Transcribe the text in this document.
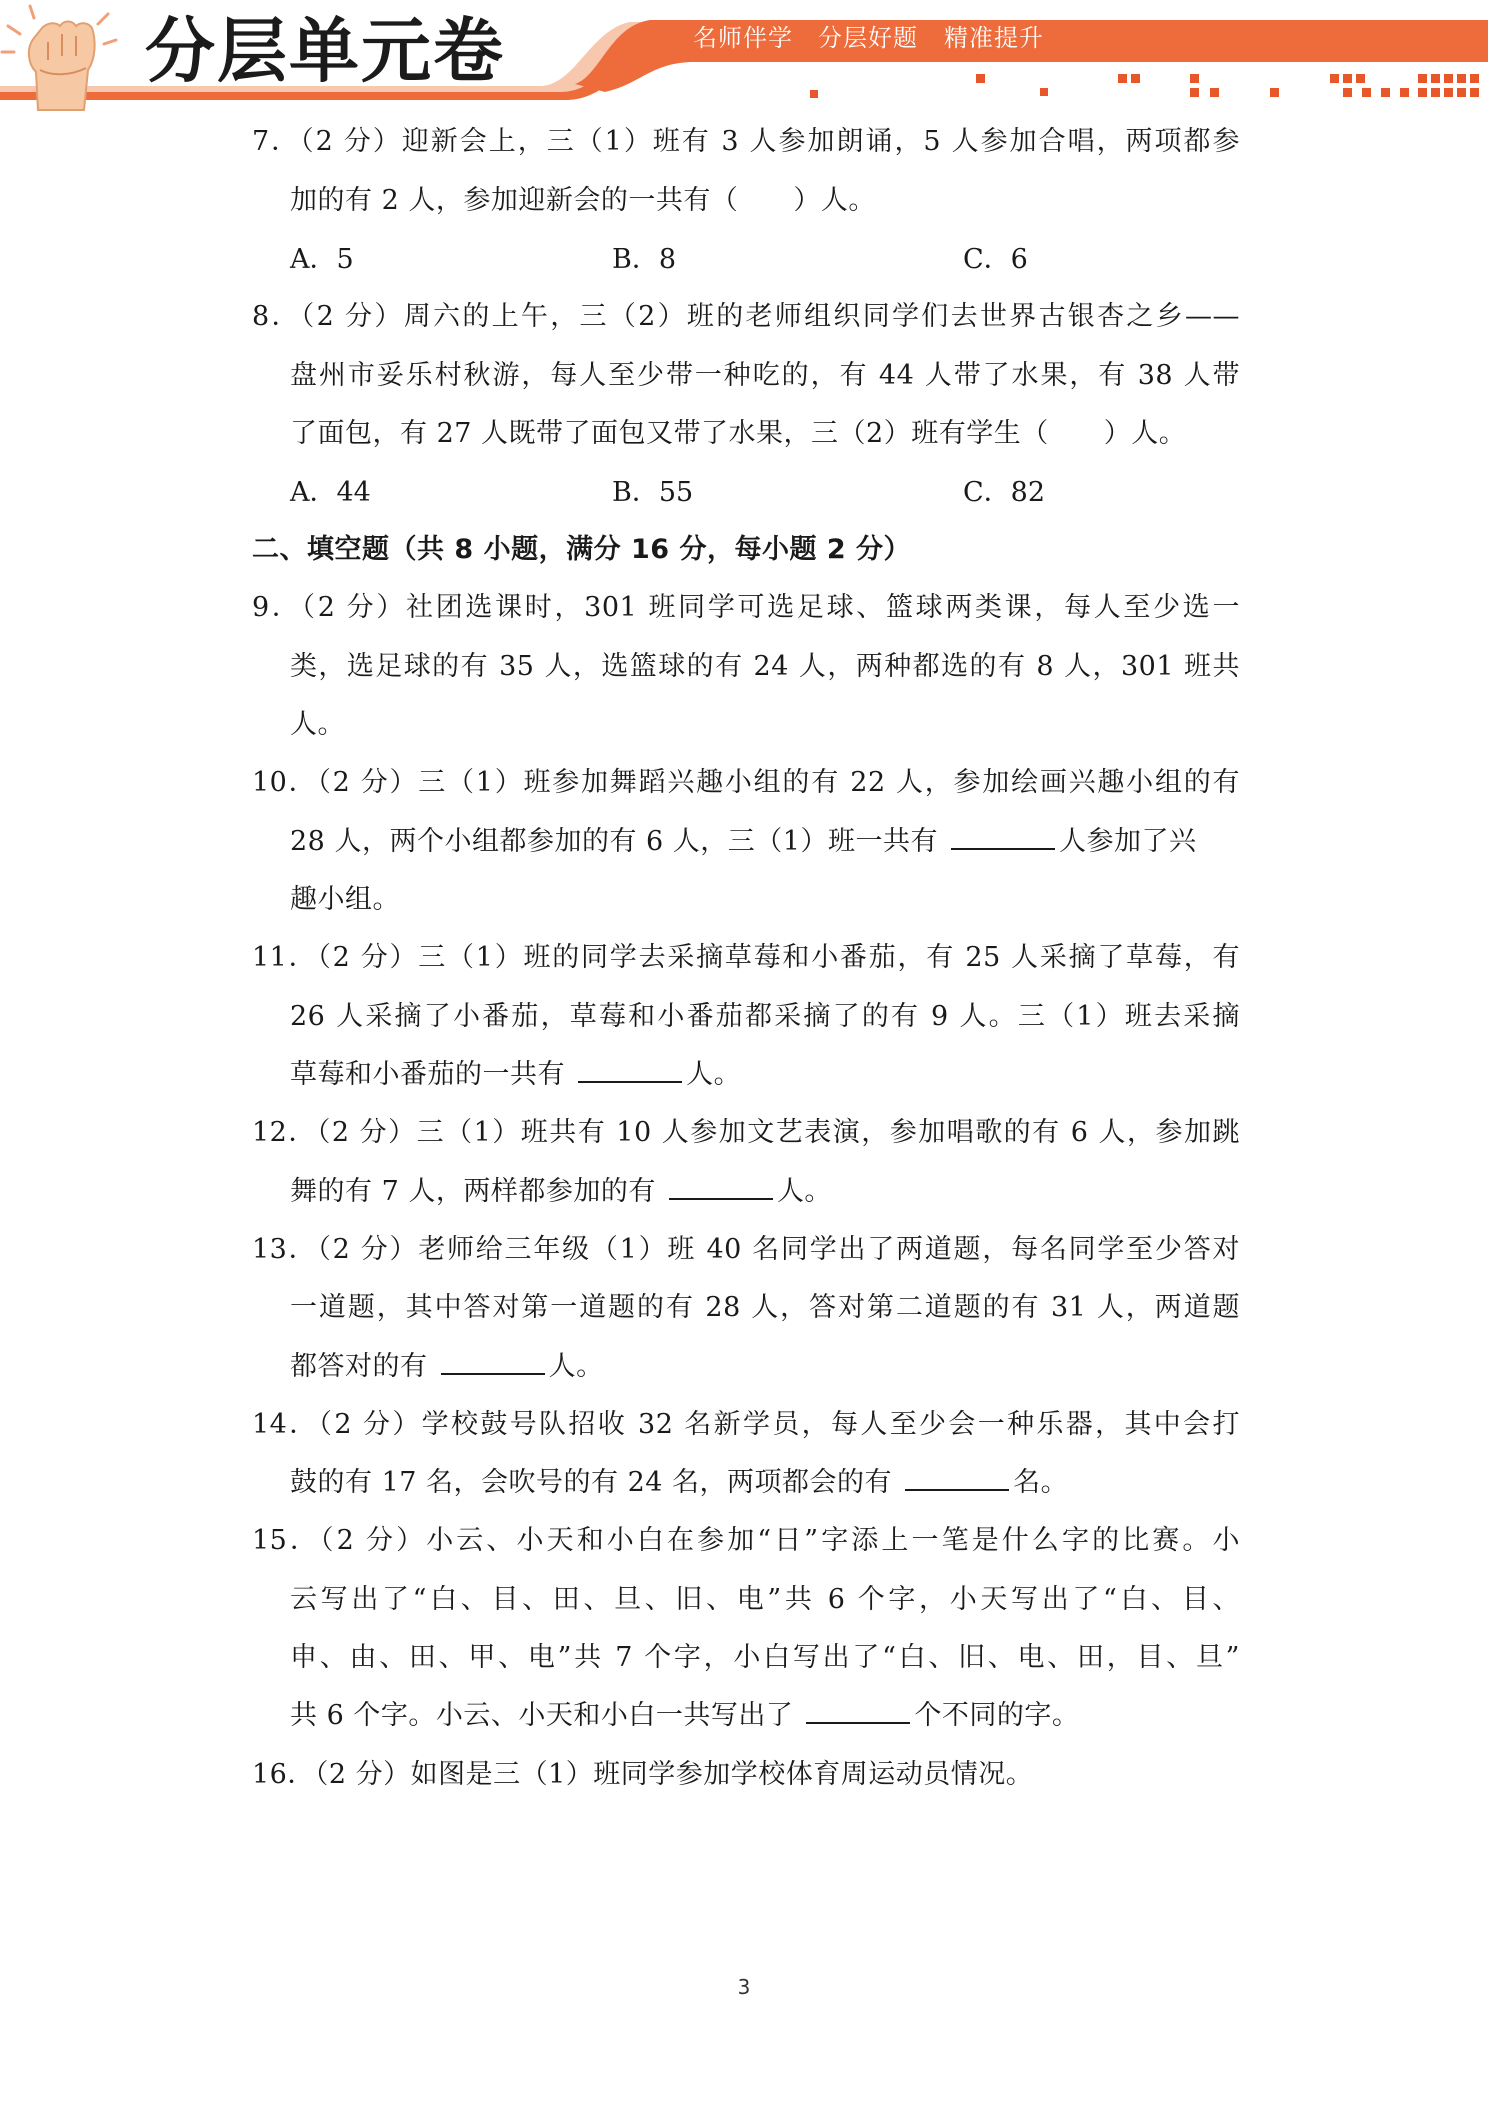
分层单元卷	名师伴学 分层好题 精准提升
7．（2 分）迎新会上，三（1）班有 3 人参加朗诵，5 人参加合唱，两项都参
加的有 2 人，参加迎新会的一共有（　　）人。
A．5	B．8	C．6
8．（2 分）周六的上午，三（2）班的老师组织同学们去世界古银杏之乡——
盘州市妥乐村秋游，每人至少带一种吃的，有 44 人带了水果，有 38 人带
了面包，有 27 人既带了面包又带了水果，三（2）班有学生（　　）人。
A．44	B．55	C．82
二、填空题（共 8 小题，满分 16 分，每小题 2 分）
9．（2 分）社团选课时，301 班同学可选足球、篮球两类课，每人至少选一
类，选足球的有 35 人，选篮球的有 24 人，两种都选的有 8 人，301 班共
人。
10．（2 分）三（1）班参加舞蹈兴趣小组的有 22 人，参加绘画兴趣小组的有
28 人，两个小组都参加的有 6 人，三（1）班一共有	人参加了兴
趣小组。
11．（2 分）三（1）班的同学去采摘草莓和小番茄，有 25 人采摘了草莓，有
26 人采摘了小番茄，草莓和小番茄都采摘了的有 9 人。三（1）班去采摘
草莓和小番茄的一共有	人。
12．（2 分）三（1）班共有 10 人参加文艺表演，参加唱歌的有 6 人，参加跳
舞的有 7 人，两样都参加的有	人。
13．（2 分）老师给三年级（1）班 40 名同学出了两道题，每名同学至少答对
一道题，其中答对第一道题的有 28 人，答对第二道题的有 31 人，两道题
都答对的有	人。
14．（2 分）学校鼓号队招收 32 名新学员，每人至少会一种乐器，其中会打
鼓的有 17 名，会吹号的有 24 名，两项都会的有	名。
15．（2 分）小云、小天和小白在参加“日”字添上一笔是什么字的比赛。小
云写出了“白、目、田、旦、旧、电”共 6 个字，小天写出了“白、目、
申、由、田、甲、电”共 7 个字，小白写出了“白、旧、电、田，目、旦”
共 6 个字。小云、小天和小白一共写出了	个不同的字。
16．（2 分）如图是三（1）班同学参加学校体育周运动员情况。
3
